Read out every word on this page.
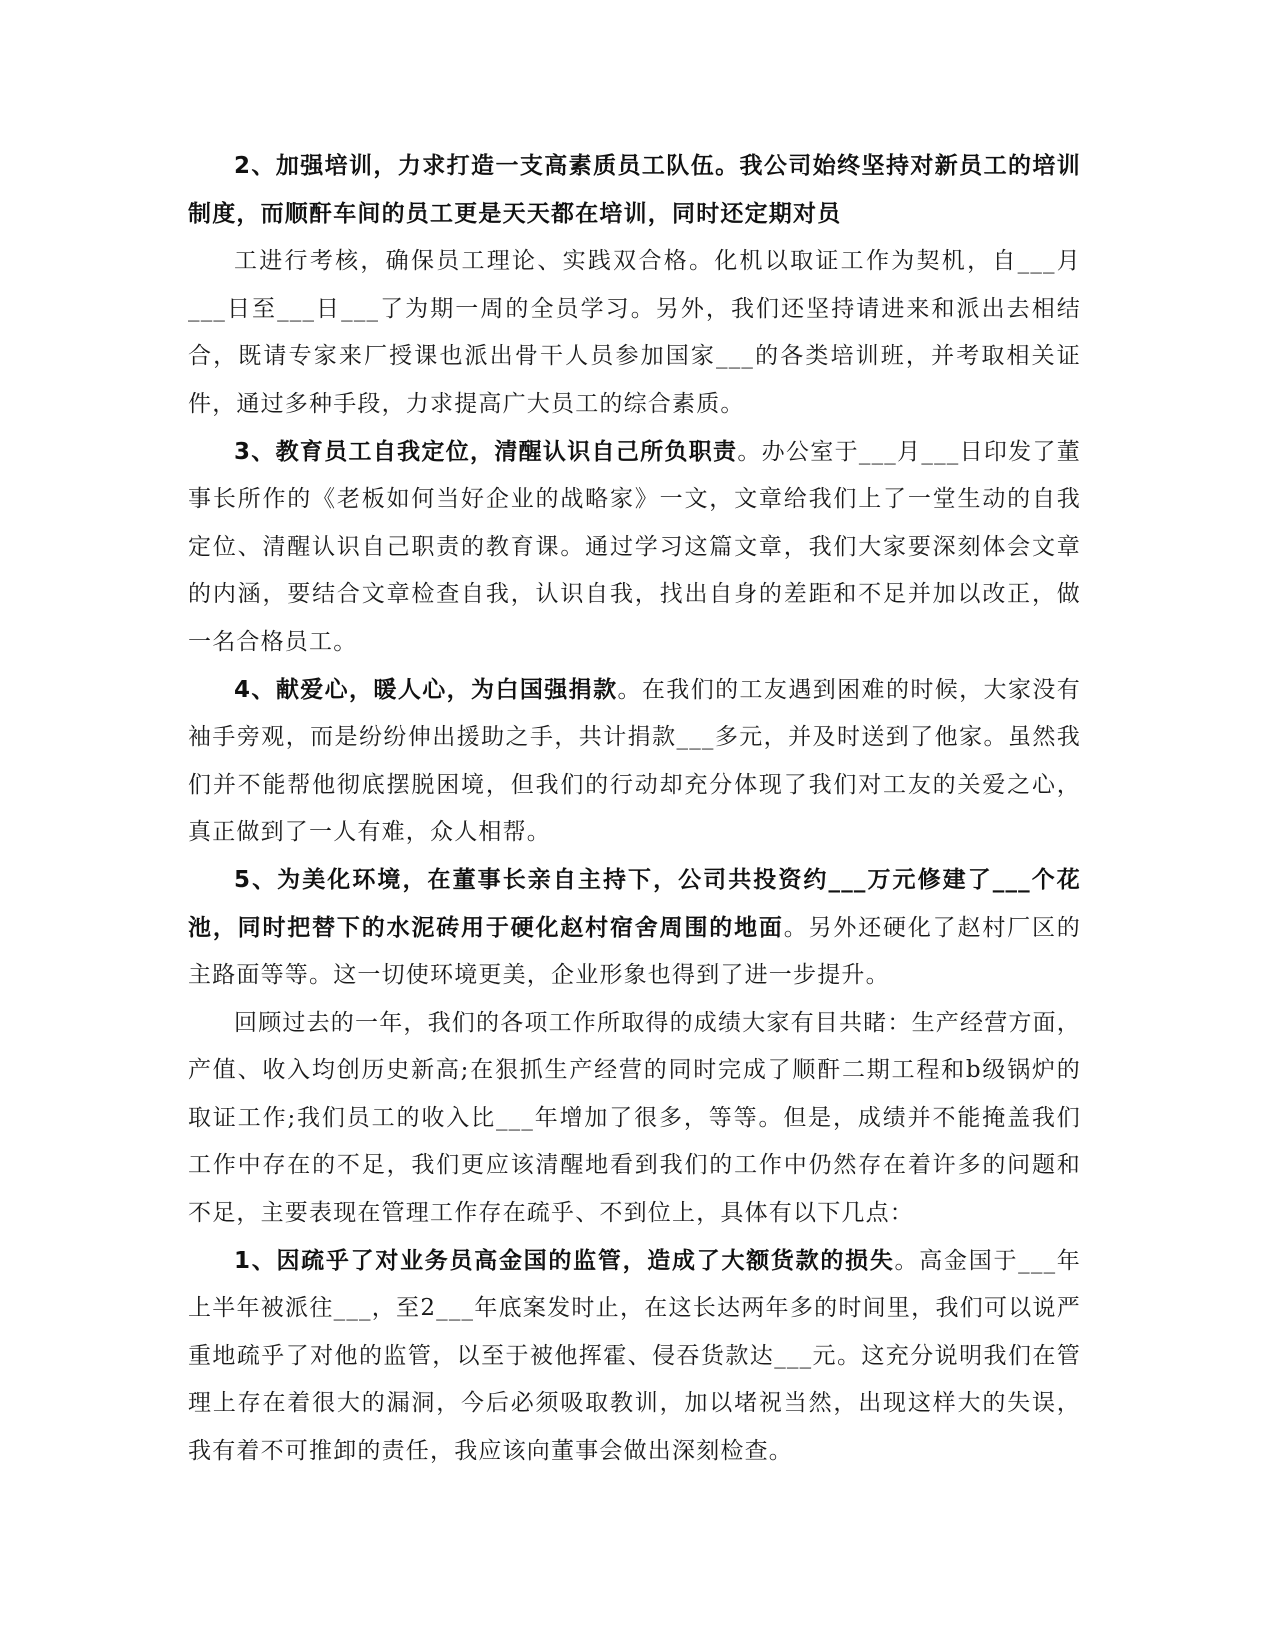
2、加强培训，力求打造一支高素质员工队伍。我公司始终坚持对新员工的培训制度，而顺酐车间的员工更是天天都在培训，同时还定期对员

工进行考核，确保员工理论、实践双合格。化机以取证工作为契机，自___月___日至___日___了为期一周的全员学习。另外，我们还坚持请进来和派出去相结合，既请专家来厂授课也派出骨干人员参加国家___的各类培训班，并考取相关证件，通过多种手段，力求提高广大员工的综合素质。

3、教育员工自我定位，清醒认识自己所负职责。办公室于___月___日印发了董事长所作的《老板如何当好企业的战略家》一文，文章给我们上了一堂生动的自我定位、清醒认识自己职责的教育课。通过学习这篇文章，我们大家要深刻体会文章的内涵，要结合文章检查自我，认识自我，找出自身的差距和不足并加以改正，做一名合格员工。

4、献爱心，暖人心，为白国强捐款。在我们的工友遇到困难的时候，大家没有袖手旁观，而是纷纷伸出援助之手，共计捐款___多元，并及时送到了他家。虽然我们并不能帮他彻底摆脱困境，但我们的行动却充分体现了我们对工友的关爱之心，真正做到了一人有难，众人相帮。

5、为美化环境，在董事长亲自主持下，公司共投资约___万元修建了___个花池，同时把替下的水泥砖用于硬化赵村宿舍周围的地面。另外还硬化了赵村厂区的主路面等等。这一切使环境更美，企业形象也得到了进一步提升。

回顾过去的一年，我们的各项工作所取得的成绩大家有目共睹：生产经营方面，产值、收入均创历史新高;在狠抓生产经营的同时完成了顺酐二期工程和b级锅炉的取证工作;我们员工的收入比___年增加了很多，等等。但是，成绩并不能掩盖我们工作中存在的不足，我们更应该清醒地看到我们的工作中仍然存在着许多的问题和不足，主要表现在管理工作存在疏乎、不到位上，具体有以下几点：

1、因疏乎了对业务员高金国的监管，造成了大额货款的损失。高金国于___年上半年被派往___，至2___年底案发时止，在这长达两年多的时间里，我们可以说严重地疏乎了对他的监管，以至于被他挥霍、侵吞货款达___元。这充分说明我们在管理上存在着很大的漏洞，今后必须吸取教训，加以堵祝当然，出现这样大的失误，我有着不可推卸的责任，我应该向董事会做出深刻检查。
